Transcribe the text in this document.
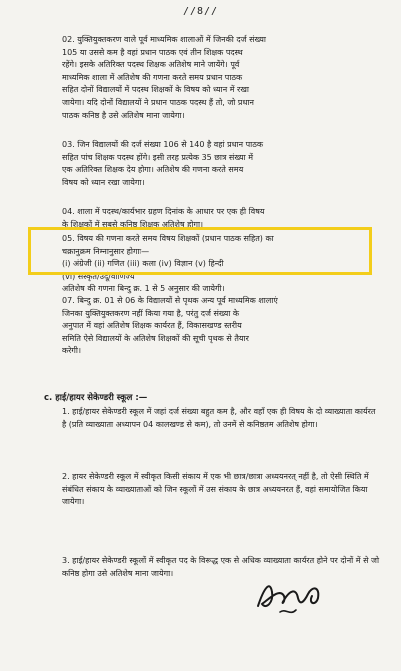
//8//
02. युक्तियुक्तकरण वाले पूर्व माध्यमिक शालाओं में जिनकी दर्ज संख्या
105 या उससे कम है वहां प्रधान पाठक एवं तीन शिक्षक पदस्थ
रहेंगे। इसके अतिरिक्त पदस्थ शिक्षक अतिशेष माने जायेंगे। पूर्व
माध्यमिक शाला में अतिशेष की गणना करते समय प्रधान पाठक
सहित दोनों विद्यालयों में पदस्थ शिक्षकों के विषय को ध्यान में रखा
जायेगा। यदि दोनों विद्यालयों ने प्रधान पाठक पदस्थ हैं तो, जो प्रधान
पाठक कनिष्ठ है उसे अतिशेष माना जायेगा।
03. जिन विद्यालयों की दर्ज संख्या 106 से 140 है वहां प्रधान पाठक
सहित पांच शिक्षक पदस्थ होंगे। इसी तरह प्रत्येक 35 छात्र संख्या में
एक अतिरिक्त शिक्षक देय होगा। अतिशेष की गणना करते समय
विषय को ध्यान रखा जायेगा।
04. शाला में पदस्थ/कार्यभार ग्रहण दिनांक के आधार पर एक ही विषय
के शिक्षकों में सबसे कनिष्ठ शिक्षक अतिशेष होगा।
05. विषय की गणना करते समय विषय शिक्षकों (प्रधान पाठक सहित) का
चक्रानुक्रम निम्नानुसार होगाः—
(i) अंग्रेजी (ii) गणित (iii) कला (iv) विज्ञान (v) हिन्दी
(vi) संस्कृत/उर्दू/वाणिज्य
अतिशेष की गणना बिन्दु क्र. 1 से 5 अनुसार की जायेगी।
07. बिन्दु क्र. 01 से 06 के विद्यालयों से पृथक अन्य पूर्व माध्यमिक शालाएं
जिनका युक्तियुक्तकरण नहीं किया गया है, परंतु दर्ज संख्या के
अनुपात में वहां अतिशेष शिक्षक कार्यरत हैं, विकासखण्ड स्तरीय
समिति ऐसे विद्यालयों के अतिशेष शिक्षकों की सूची पृथक से तैयार
करेगी।
c. हाई/हायर सेकेण्डरी स्कूल :—
1. हाई/हायर सेकेण्डरी स्कूल में जहां दर्ज संख्या बहुत कम है, और वहाँ एक ही विषय के दो व्याख्याता कार्यरत है (प्रति व्याख्याता अध्यापन 04 कालखण्ड से कम), तो उनमें से कनिष्ठतम अतिशेष होगा।
2. हायर सेकेण्डरी स्कूल में स्वीकृत किसी संकाय में एक भी छात्र/छात्रा अध्ययनरत् नहीं है, तो ऐसी स्थिति में संबंधित संकाय के व्याख्याताओं को जिन स्कूलों में उस संकाय के छात्र अध्ययनरत हैं, वहां समायोजित किया जायेगा।
3. हाई/हायर सेकेण्डरी स्कूलों में स्वीकृत पद के विरूद्ध एक से अधिक व्याख्याता कार्यरत होने पर दोनों में से जो कनिष्ठ होगा उसे अतिशेष माना जायेगा।
